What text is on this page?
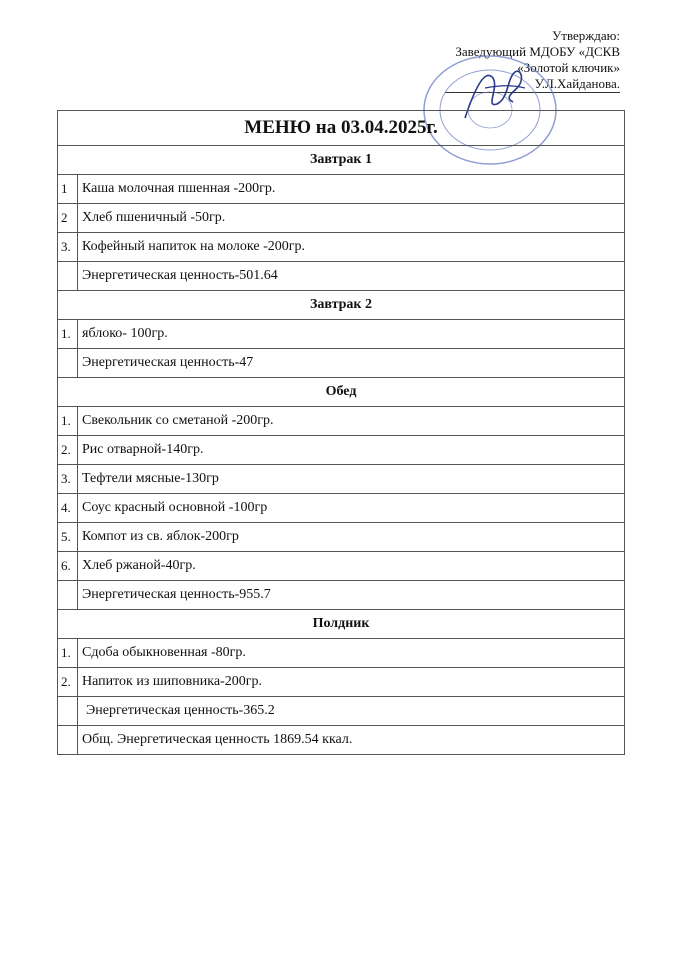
Утверждаю:
Заведующий МДОБУ «ДСКВ
«Золотой ключик»
У.Л.Хайданова.
МЕНЮ на 03.04.2025г.	
Завтрак 1	
1	Каша молочная пшенная -200гр.
2	Хлеб пшеничный -50гр.
3.	Кофейный напиток на молоке -200гр.
	Энергетическая ценность-501.64
Завтрак 2	
1.	яблоко- 100гр.
	Энергетическая ценность-47
Обед	
1.	Свекольник со сметаной -200гр.
2.	Рис отварной-140гр.
3.	Тефтели мясные-130гр
4.	Соус красный основной -100гр
5.	Компот из св. яблок-200гр
6.	Хлеб ржаной-40гр.
	Энергетическая ценность-955.7
Полдник	
1.	Сдоба обыкновенная -80гр.
2.	Напиток из шиповника-200гр.
	Энергетическая ценность-365.2
	Общ. Энергетическая ценность 1869.54 ккал.
